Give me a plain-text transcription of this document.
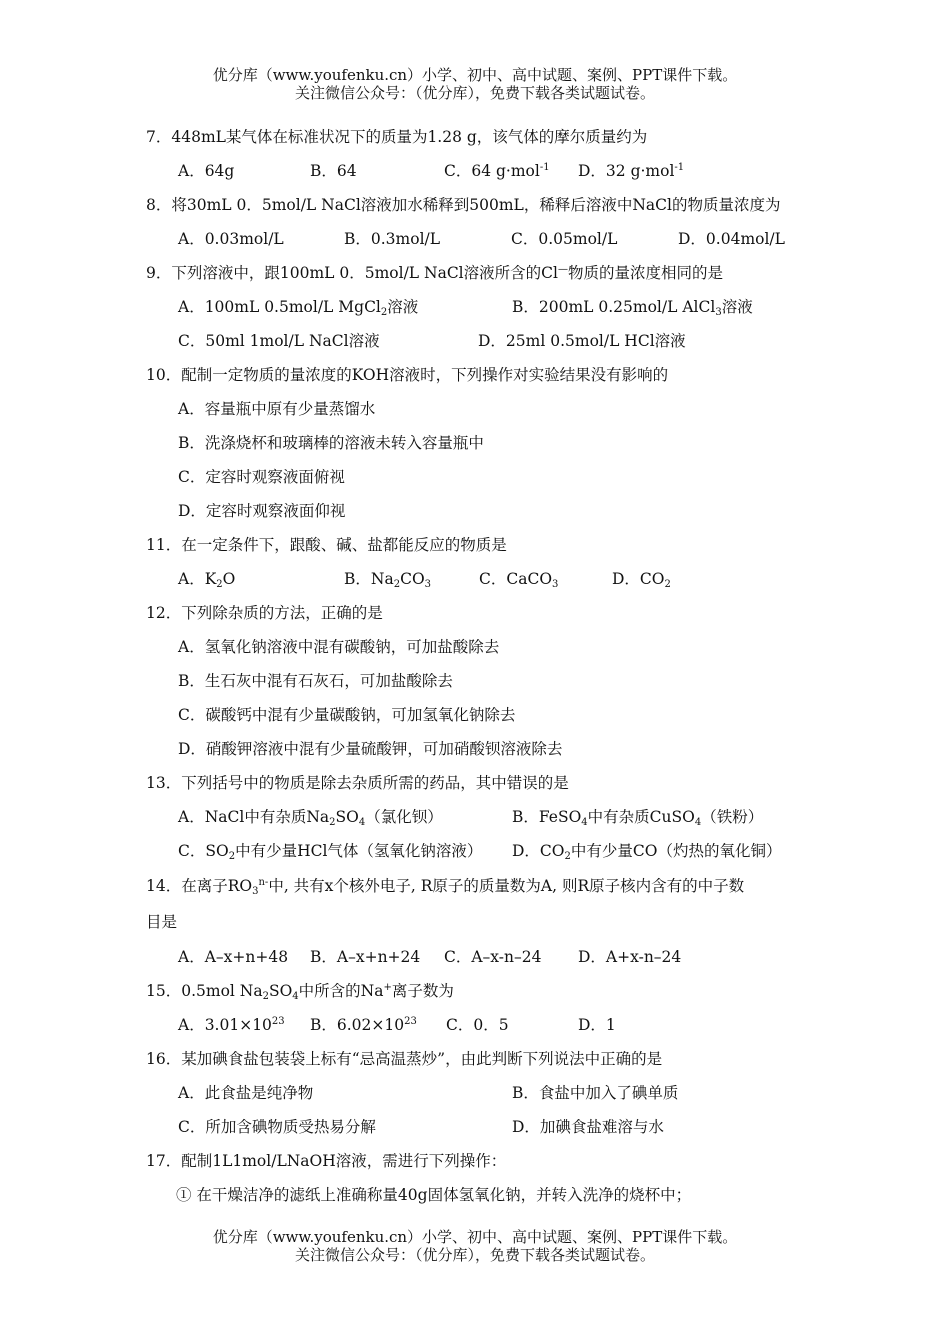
优分库（www.youfenku.cn）小学、初中、高中试题、案例、PPT课件下载。
关注微信公众号：（优分库），免费下载各类试题试卷。
7．448mL某气体在标准状况下的质量为1.28 g，该气体的摩尔质量约为
A．64g	B．64	C．64 g·mol$^{-1}$ D．32 g·mol$^{-1}$
8．将30mL 0．5mol/L NaCl溶液加水稀释到500mL，稀释后溶液中NaCl的物质量浓度为
A．0.03mol/L	B．0.3mol/L	C．0.05mol/L	D．0.04mol/L
9．下列溶液中，跟100mL 0．5mol/L NaCl溶液所含的Cl—物质的量浓度相同的是
A．100mL 0.5mol/L MgCl$_2$溶液	B．200mL 0.25mol/L AlCl$_3$溶液
C．50ml 1mol/L NaCl溶液	D．25ml 0.5mol/L HCl溶液
10．配制一定物质的量浓度的KOH溶液时，下列操作对实验结果没有影响的
A．容量瓶中原有少量蒸馏水
B．洗涤烧杯和玻璃棒的溶液未转入容量瓶中
C．定容时观察液面俯视
D．定容时观察液面仰视
11．在一定条件下，跟酸、碱、盐都能反应的物质是
A．$K_2O$	B．$Na_2CO_3$	C．CaCO$_3$	D．$CO_2$
12．下列除杂质的方法，正确的是
A．氢氧化钠溶液中混有碳酸钠，可加盐酸除去
B．生石灰中混有石灰石，可加盐酸除去
C．碳酸钙中混有少量碳酸钠，可加氢氧化钠除去
D．硝酸钾溶液中混有少量硫酸钾，可加硝酸钡溶液除去
13．下列括号中的物质是除去杂质所需的药品，其中错误的是
A．NaCl中有杂质$Na_2SO_4$（氯化钡）	B．FeSO$_4$中有杂质CuSO$_4$（铁粉）
C．$SO_2$中有少量HCl气体（氢氧化钠溶液） D．$CO_2$中有少量CO（灼热的氧化铜）
14．在离子$RO_3^{n-}$中, 共有x个核外电子, R原子的质量数为A, 则R原子核内含有的中子数
目是
A．A–x+n+48 B．A–x+n+24 C．A–x-n–24 D．A+x-n–24
15．0.5mol $Na_2SO_4$中所含的Na+离子数为
A．$3.01\times 10^{23}$ B．$6.02\times 10^{23}$ C．0．5	D．1
16．某加碘食盐包装袋上标有“忌高温蒸炒”，由此判断下列说法中正确的是
A．此食盐是纯净物	B．食盐中加入了碘单质
C．所加含碘物质受热易分解	D．加碘食盐难溶与水
17．配制1L1mol/LNaOH溶液，需进行下列操作：
① 在干燥洁净的滤纸上准确称量40g固体氢氧化钠，并转入洗净的烧杯中；
优分库（www.youfenku.cn）小学、初中、高中试题、案例、PPT课件下载。
关注微信公众号：（优分库），免费下载各类试题试卷。
